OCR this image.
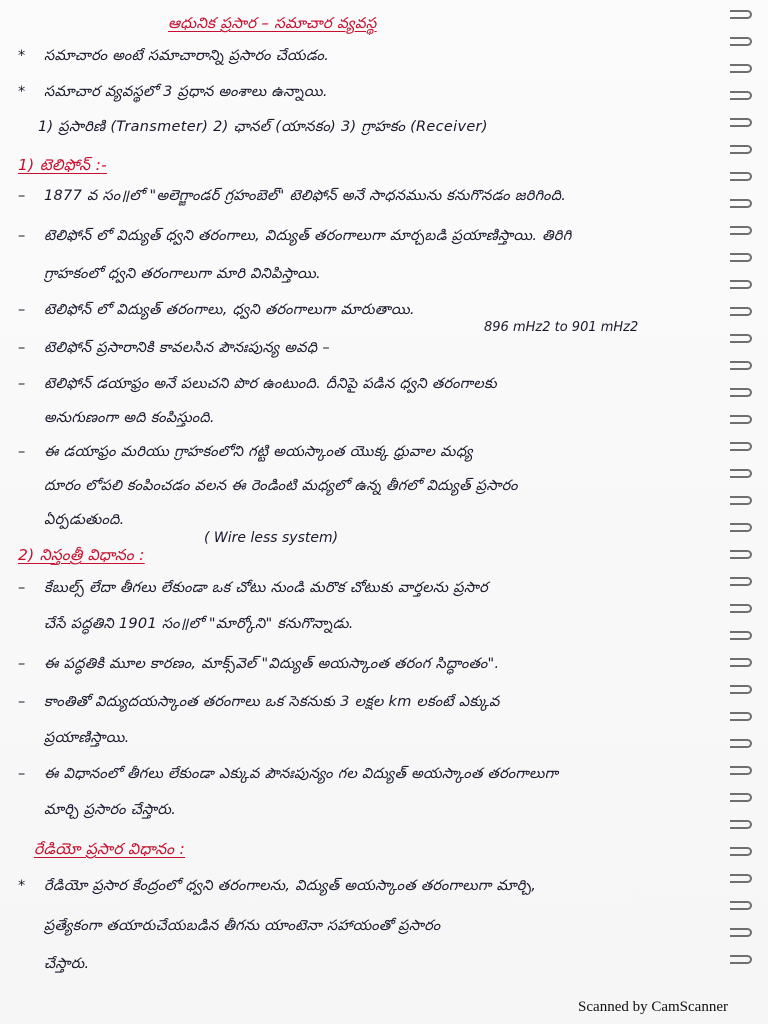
ఆధునిక ప్రసార – సమాచార వ్యవస్థ
* సమాచారం అంటే సమాచారాన్ని ప్రసారం చేయడం.
* సమాచార వ్యవస్థలో 3 ప్రధాన అంశాలు ఉన్నాయి.
1) ప్రసారిణి (Transmeter) 2) ఛానల్ (యానకం) 3) గ్రాహకం (Receiver)
1) టెలిఫోన్ :-
– 1877 వ సం॥లో "అలెగ్జాండర్ గ్రహంబెల్" టెలిఫోన్ అనే సాధనమును కనుగొనడం జరిగింది.
– టెలిఫోన్ లో విద్యుత్ ధ్వని తరంగాలు, విద్యుత్ తరంగాలుగా మార్చబడి ప్రయాణిస్తాయి. తిరిగి
గ్రాహకంలో ధ్వని తరంగాలుగా మారి వినిపిస్తాయి.
– టెలిఫోన్ లో విద్యుత్ తరంగాలు, ధ్వని తరంగాలుగా మారుతాయి.
– టెలిఫోన్ ప్రసారానికి కావలసిన పౌనఃపున్య అవధి –
896 mHz2 to 901 mHz2
– టెలిఫోన్ డయాఫ్రం అనే పలుచని పొర ఉంటుంది. దీనిపై పడిన ధ్వని తరంగాలకు
అనుగుణంగా అది కంపిస్తుంది.
– ఈ డయాఫ్రం మరియు గ్రాహకంలోని గట్టి అయస్కాంత యొక్క ధ్రువాల మధ్య
దూరం లోపలి కంపించడం వలన ఈ రెండింటి మధ్యలో ఉన్న తీగలో విద్యుత్ ప్రసారం
ఏర్పడుతుంది.
2) నిస్తంత్రీ విధానం :
( Wire less system)
– కేబుల్స్ లేదా తీగలు లేకుండా ఒక చోటు నుండి మరొక చోటుకు వార్తలను ప్రసార
చేసే పద్ధతిని 1901 సం॥లో "మార్కోని" కనుగొన్నాడు.
– ఈ పద్ధతికి మూల కారణం, మాక్స్‌వెల్ "విద్యుత్ అయస్కాంత తరంగ సిద్ధాంతం".
– కాంతితో విద్యుదయస్కాంత తరంగాలు ఒక సెకనుకు 3 లక్షల km లకంటే ఎక్కువ
ప్రయాణిస్తాయి.
– ఈ విధానంలో తీగలు లేకుండా ఎక్కువ పౌనఃపున్యం గల విద్యుత్ అయస్కాంత తరంగాలుగా
మార్చి ప్రసారం చేస్తారు.
రేడియో ప్రసార విధానం :
* రేడియో ప్రసార కేంద్రంలో ధ్వని తరంగాలను, విద్యుత్ అయస్కాంత తరంగాలుగా మార్చి,
ప్రత్యేకంగా తయారుచేయబడిన తీగను యాంటెనా సహాయంతో ప్రసారం
చేస్తారు.
Scanned by CamScanner
